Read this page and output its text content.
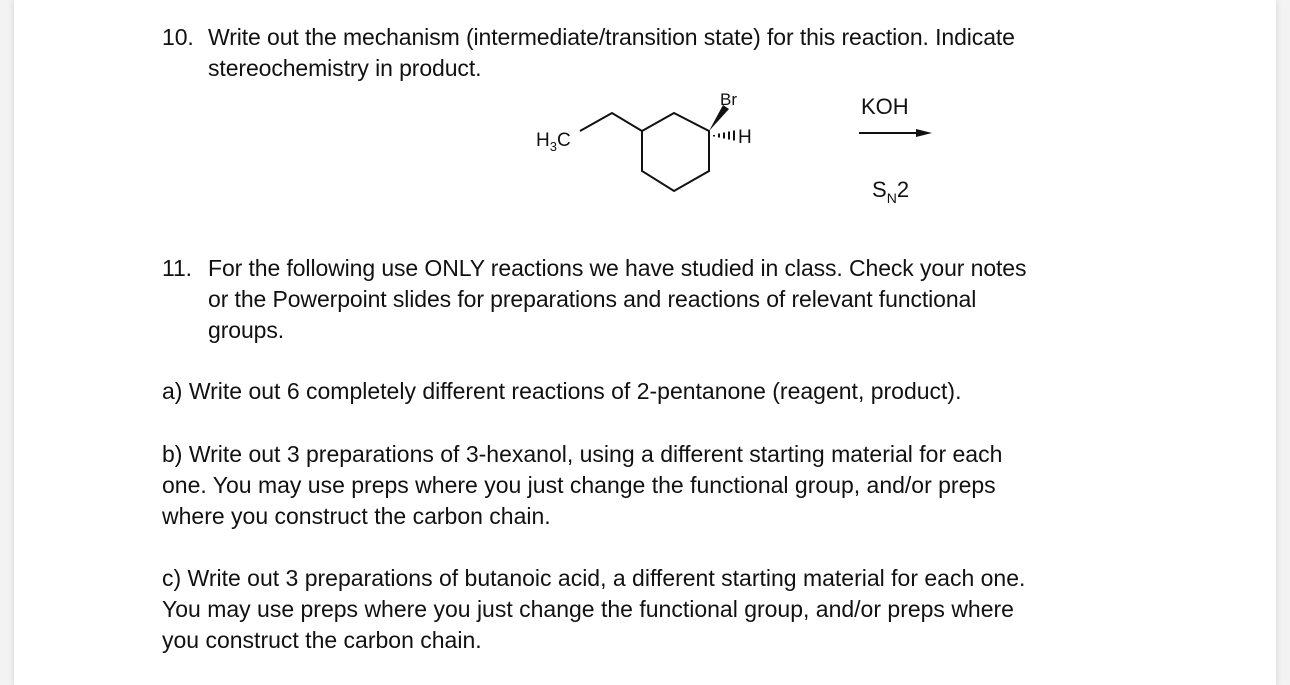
10. Write out the mechanism (intermediate/transition state) for this reaction. Indicate
stereochemistry in product.
$H_3C$
Br
H
KOH
$S_N2$
11. For the following use ONLY reactions we have studied in class. Check your notes
or the Powerpoint slides for preparations and reactions of relevant functional
groups.
a) Write out 6 completely different reactions of 2-pentanone (reagent, product).
b) Write out 3 preparations of 3-hexanol, using a different starting material for each
one. You may use preps where you just change the functional group, and/or preps
where you construct the carbon chain.
c) Write out 3 preparations of butanoic acid, a different starting material for each one.
You may use preps where you just change the functional group, and/or preps where
you construct the carbon chain.
